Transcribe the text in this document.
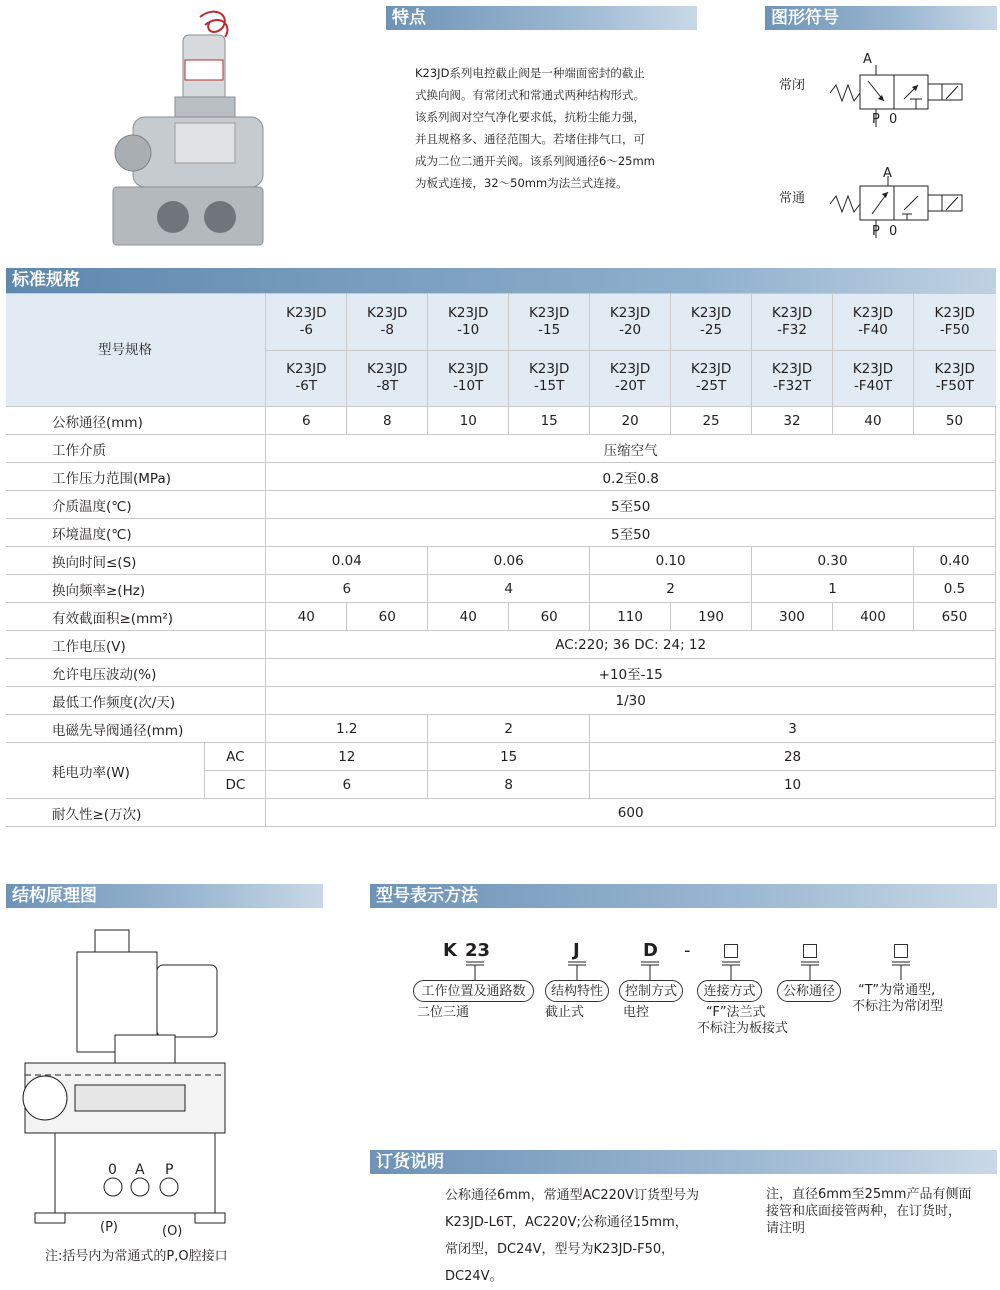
特点
K23JD系列电控截止阀是一种端面密封的截止
式换向阀。有常闭式和常通式两种结构形式。
该系列阀对空气净化要求低，抗粉尘能力强，
并且规格多、通径范围大。若堵住排气口，可
成为二位二通开关阀。该系列阀通径6～25mm
为板式连接，32～50mm为法兰式连接。
图形符号
常闭
常通
A
P 0
A
P 0
标准规格
型号规格		K23JD
-6	K23JD
-8	K23JD
-10	K23JD
-15	K23JD
-20	K23JD
-25	K23JD
-F32	K23JD
-F40	K23JD
-F50
		K23JD
-6T	K23JD
-8T	K23JD
-10T	K23JD
-15T	K23JD
-20T	K23JD
-25T	K23JD
-F32T	K23JD
-F40T	K23JD
-F50T
公称通径(mm)		6	8	10	15	20	25	32	40	50
工作介质		压缩空气								
工作压力范围(MPa)		0.2至0.8								
介质温度(℃)		5至50								
环境温度(℃)		5至50								
换向时间≤(S)		0.04		0.06		0.10		0.30		0.40
换向频率≥(Hz)		6		4		2		1		0.5
有效截面积≥(mm²)		40	60	40	60	110	190	300	400	650
工作电压(V)		AC:220; 36 DC: 24; 12								
允许电压波动(%)		+10至-15								
最低工作频度(次/天)		1/30								
电磁先导阀通径(mm)		1.2		2		3				
耗电功率(W)	AC	12		15		28				
	DC	6		8		10				
耐久性≥(万次)		600								
结构原理图
0 A P
(P)	(O)
注:括号内为常通式的P,O腔接口
型号表示方法
K 23	J	D -
工作位置及通路数	结构特性	控制方式	连接方式	公称通径
二位三通	截止式	电控	“F”法兰式
不标注为板接式
“T”为常通型,
不标注为常闭型
订货说明
公称通径6mm，常通型AC220V订货型号为
K23JD-L6T，AC220V;公称通径15mm，
常闭型，DC24V，型号为K23JD-F50，
DC24V。
注，直径6mm至25mm产品有侧面
接管和底面接管两种，在订货时，
请注明
